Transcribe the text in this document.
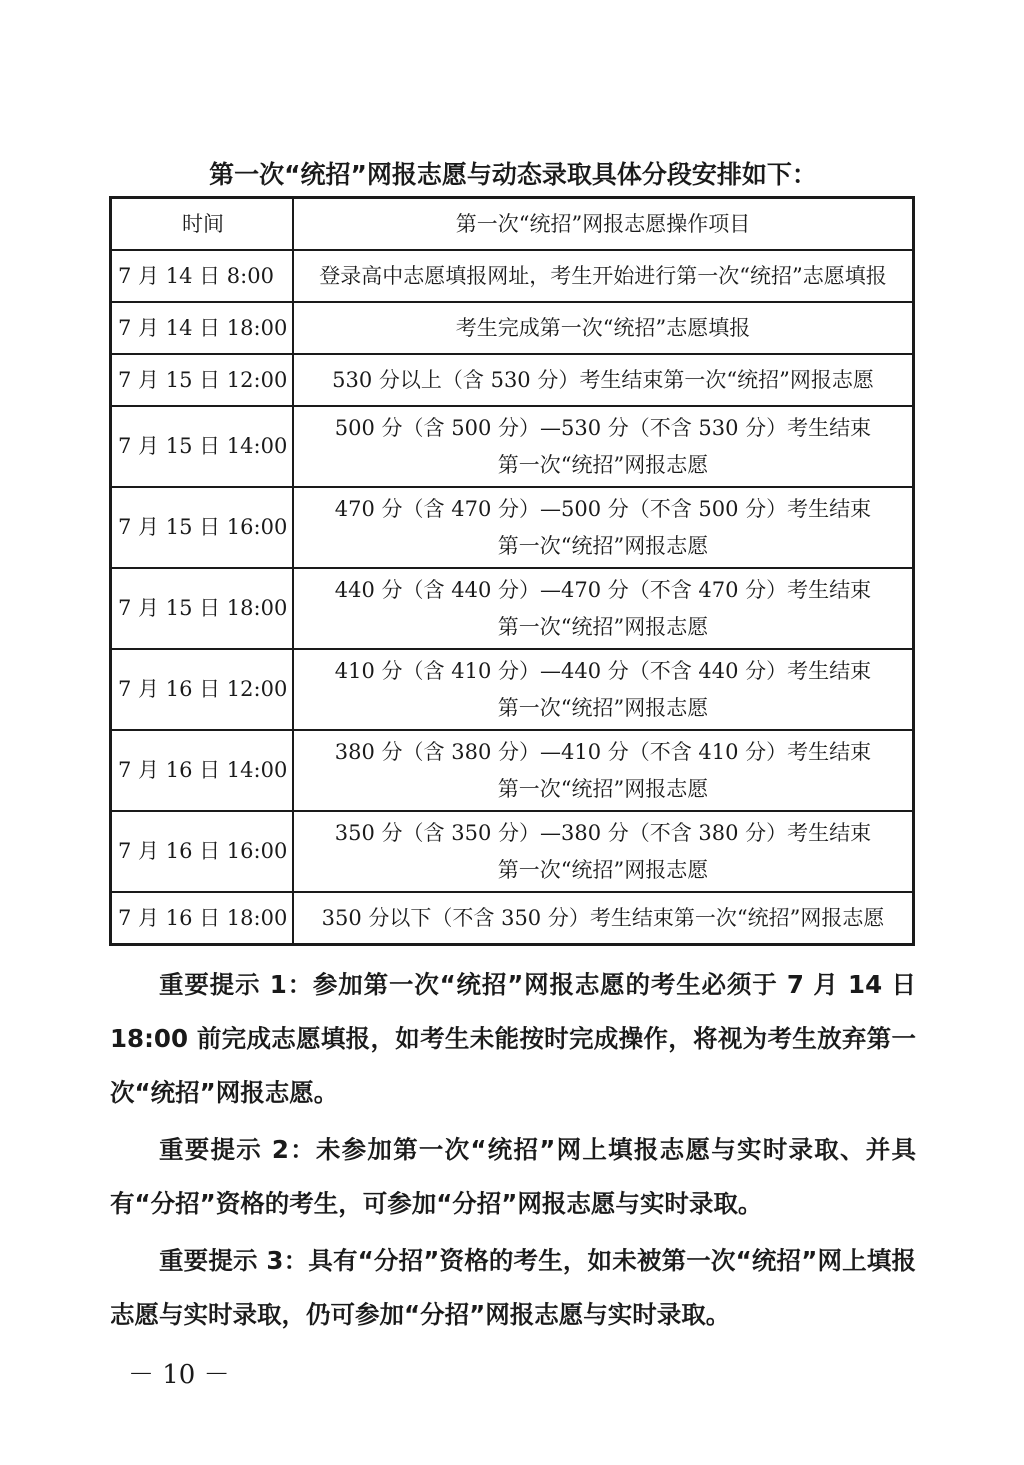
第一次“统招”网报志愿与动态录取具体分段安排如下：
时间	第一次“统招”网报志愿操作项目
7 月 14 日 8:00	登录高中志愿填报网址，考生开始进行第一次“统招”志愿填报

7 月 14 日 18:00	考生完成第一次“统招”志愿填报

7 月 15 日 12:00	530 分以上（含 530 分）考生结束第一次“统招”网报志愿

7 月 15 日 14:00	500 分（含 500 分）—530 分（不含 530 分）考生结束
第一次“统招”网报志愿

7 月 15 日 16:00	470 分（含 470 分）—500 分（不含 500 分）考生结束
第一次“统招”网报志愿

7 月 15 日 18:00	440 分（含 440 分）—470 分（不含 470 分）考生结束
第一次“统招”网报志愿

7 月 16 日 12:00	410 分（含 410 分）—440 分（不含 440 分）考生结束
第一次“统招”网报志愿

7 月 16 日 14:00	380 分（含 380 分）—410 分（不含 410 分）考生结束
第一次“统招”网报志愿

7 月 16 日 16:00	350 分（含 350 分）—380 分（不含 380 分）考生结束
第一次“统招”网报志愿

7 月 16 日 18:00	350 分以下（不含 350 分）考生结束第一次“统招”网报志愿

重要提示 1：参加第一次“统招”网报志愿的考生必须于 7 月 14 日 18:00 前完成志愿填报，如考生未能按时完成操作，将视为考生放弃第一次“统招”网报志愿。

重要提示 2：未参加第一次“统招”网上填报志愿与实时录取、并具有“分招”资格的考生，可参加“分招”网报志愿与实时录取。

重要提示 3：具有“分招”资格的考生，如未被第一次“统招”网上填报志愿与实时录取，仍可参加“分招”网报志愿与实时录取。

－ 10 －
